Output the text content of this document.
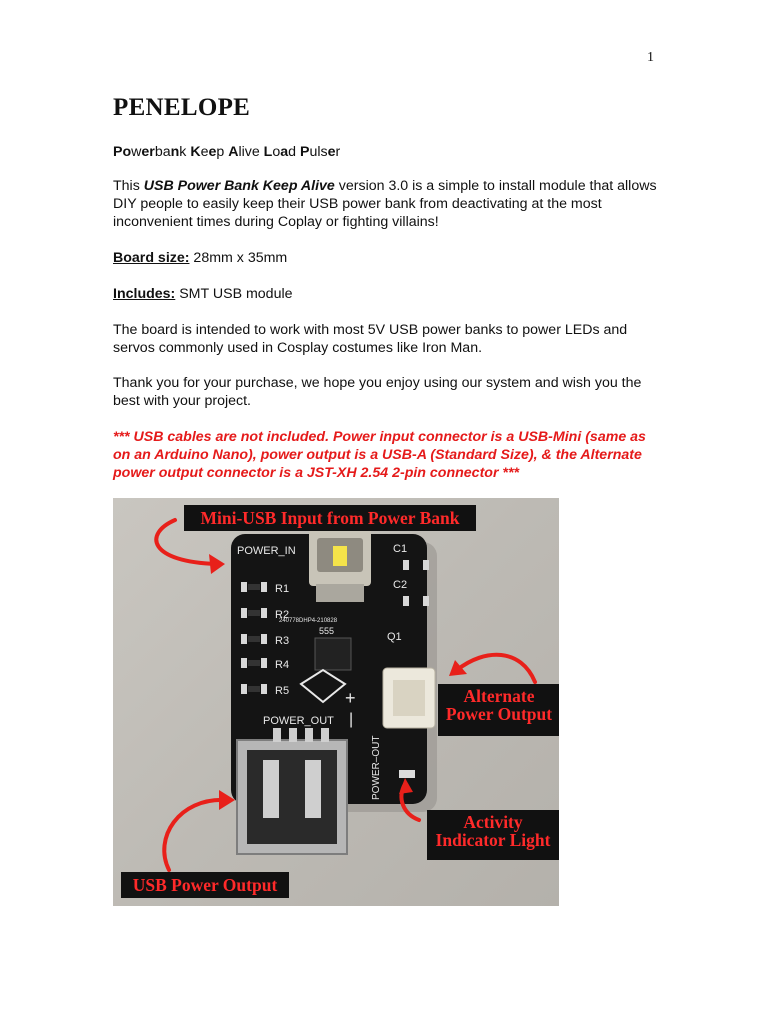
1
PENELOPE

Powerbank Keep Alive Load Pulser

This USB Power Bank Keep Alive version 3.0 is a simple to install module that allows DIY people to easily keep their USB power bank from deactivating at the most inconvenient times during Coplay or fighting villains!

Board size: 28mm x 35mm

Includes: SMT USB module

The board is intended to work with most 5V USB power banks to power LEDs and servos commonly used in Cosplay costumes like Iron Man.

Thank you for your purchase, we hope you enjoy using our system and wish you the best with your project.

*** USB cables are not included. Power input connector is a USB-Mini (same as on an Arduino Nano), power output is a USB-A (Standard Size), & the Alternate power output connector is a JST-XH 2.54 2-pin connector ***

POWER_IN	C1
C2
R1
R2
R3
R4
R5
Q1
240778DHP4-210828
555
POWER_OUT
+
|
POWER–OUT
Mini-USB Input from Power Bank
Alternate
Power Output
Activity
Indicator Light
USB Power Output
